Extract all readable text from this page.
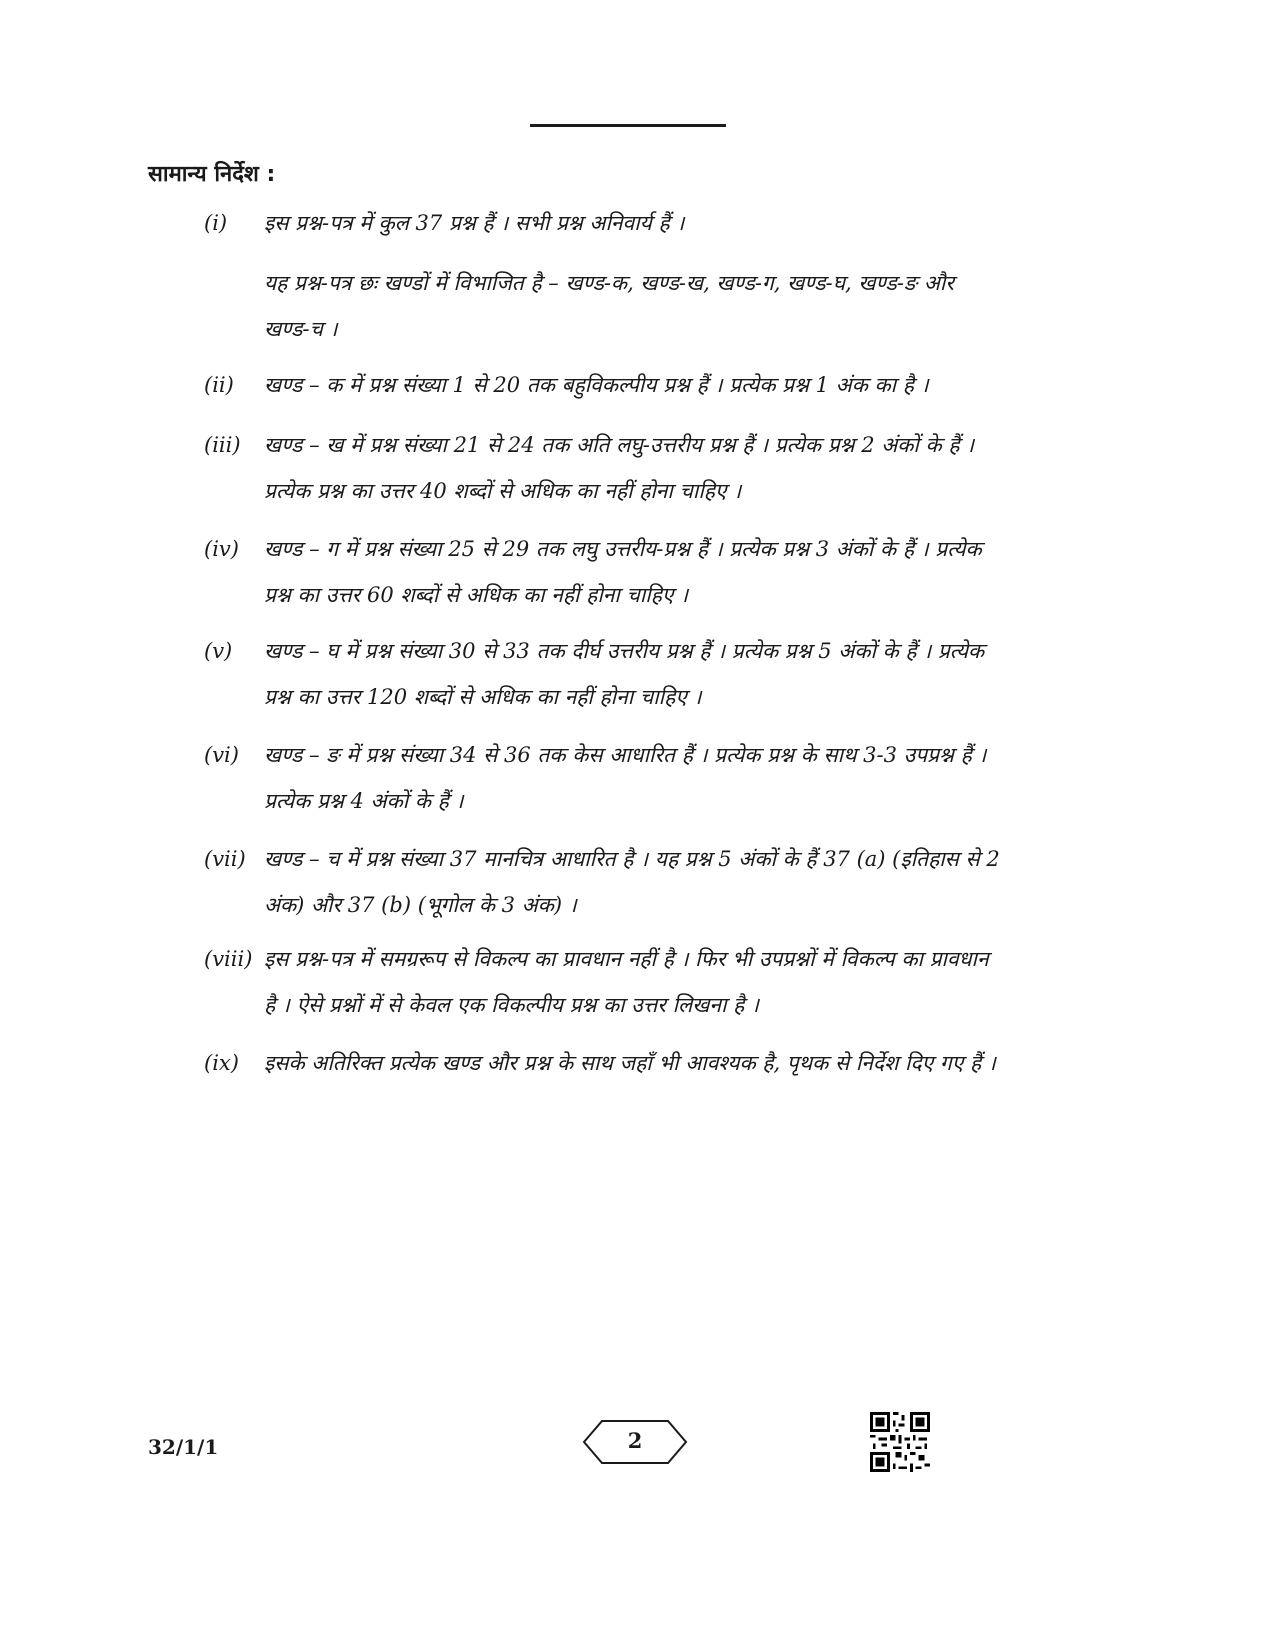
सामान्य निर्देश :
(i) इस प्रश्न-पत्र में कुल 37 प्रश्न हैं । सभी प्रश्न अनिवार्य हैं ।

यह प्रश्न-पत्र छः खण्डों में विभाजित है – खण्ड-क, खण्ड-ख, खण्ड-ग, खण्ड-घ, खण्ड-ङ और
खण्ड-च ।
(ii) खण्ड – क में प्रश्न संख्या 1 से 20 तक बहुविकल्पीय प्रश्न हैं । प्रत्येक प्रश्न 1 अंक का है ।
(iii) खण्ड – ख में प्रश्न संख्या 21 से 24 तक अति लघु-उत्तरीय प्रश्न हैं । प्रत्येक प्रश्न 2 अंकों के हैं ।
प्रत्येक प्रश्न का उत्तर 40 शब्दों से अधिक का नहीं होना चाहिए ।
(iv) खण्ड – ग में प्रश्न संख्या 25 से 29 तक लघु उत्तरीय-प्रश्न हैं । प्रत्येक प्रश्न 3 अंकों के हैं । प्रत्येक
प्रश्न का उत्तर 60 शब्दों से अधिक का नहीं होना चाहिए ।
(v) खण्ड – घ में प्रश्न संख्या 30 से 33 तक दीर्घ उत्तरीय प्रश्न हैं । प्रत्येक प्रश्न 5 अंकों के हैं । प्रत्येक
प्रश्न का उत्तर 120 शब्दों से अधिक का नहीं होना चाहिए ।
(vi) खण्ड – ङ में प्रश्न संख्या 34 से 36 तक केस आधारित हैं । प्रत्येक प्रश्न के साथ 3-3 उपप्रश्न हैं ।
प्रत्येक प्रश्न 4 अंकों के हैं ।
(vii) खण्ड – च में प्रश्न संख्या 37 मानचित्र आधारित है । यह प्रश्न 5 अंकों के हैं 37 (a) (इतिहास से 2
अंक) और 37 (b) (भूगोल के 3 अंक) ।
(viii) इस प्रश्न-पत्र में समग्ररूप से विकल्प का प्रावधान नहीं है । फिर भी उपप्रश्नों में विकल्प का प्रावधान
है । ऐसे प्रश्नों में से केवल एक विकल्पीय प्रश्न का उत्तर लिखना है ।
(ix) इसके अतिरिक्त प्रत्येक खण्ड और प्रश्न के साथ जहाँ भी आवश्यक है, पृथक से निर्देश दिए गए हैं ।
32/1/1	2
